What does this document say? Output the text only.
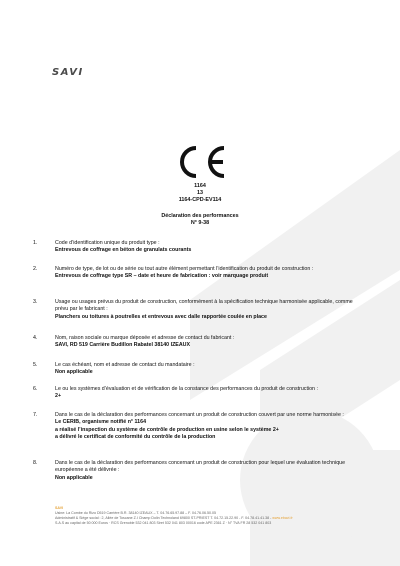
SAVI
1164
13
1164-CPD-EV114
Déclaration des performances
N° 9-38
1.	Code d’identification unique du produit type :
Entrevous de coffrage en béton de granulats courants
2.	Numéro de type, de lot ou de série ou tout autre élément permettant l’identification du produit de construction :
Entrevous de coffrage type SR – date et heure de fabrication : voir marquage produit
3.	Usage ou usages prévus du produit de construction, conformément à la spécification technique harmonisée applicable, comme prévu par le fabricant :
Planchers ou toitures à poutrelles et entrevous avec dalle rapportée coulée en place
4.	Nom, raison sociale ou marque déposée et adresse de contact du fabricant :
SAVI, RD 519 Carrière Budillon Rabatel 38140 IZEAUX
5.	Le cas échéant, nom et adresse de contact du mandataire :
Non applicable
6.	Le ou les systèmes d’évaluation et de vérification de la constance des performances du produit de construction :
2+
7.	Dans le cas de la déclaration des performances concernant un produit de construction couvert par une norme harmonisée :
Le CERIB, organisme notifié n° 1164
a réalisé l’inspection du système de contrôle de production en usine selon le système 2+
a délivré le certificat de conformité du contrôle de la production
8.	Dans le cas de la déclaration des performances concernant un produit de construction pour lequel une évaluation technique européenne a été délivrée :
Non applicable
SAVI
Usine: La Combe du Rizo D519 Carrière B.R. 38140 IZEAUX – T. 04.76.65.97.88 – F. 04.76.06.50.05
Administratif & Siège social : 2, Allée de Toscane Z.I Champ Dolin Technoland 69800 ST-PRIEST T. 04.72.15.22.90 - F. 04.78.41.41.38 - www.ebavi.fr
S.A.S au capital de 50 000 Euros · RCS Grenoble 532 041 803 Siret 532 041 803 00016 code APE 2361 Z · N° TVA FR 28 532 041 803
